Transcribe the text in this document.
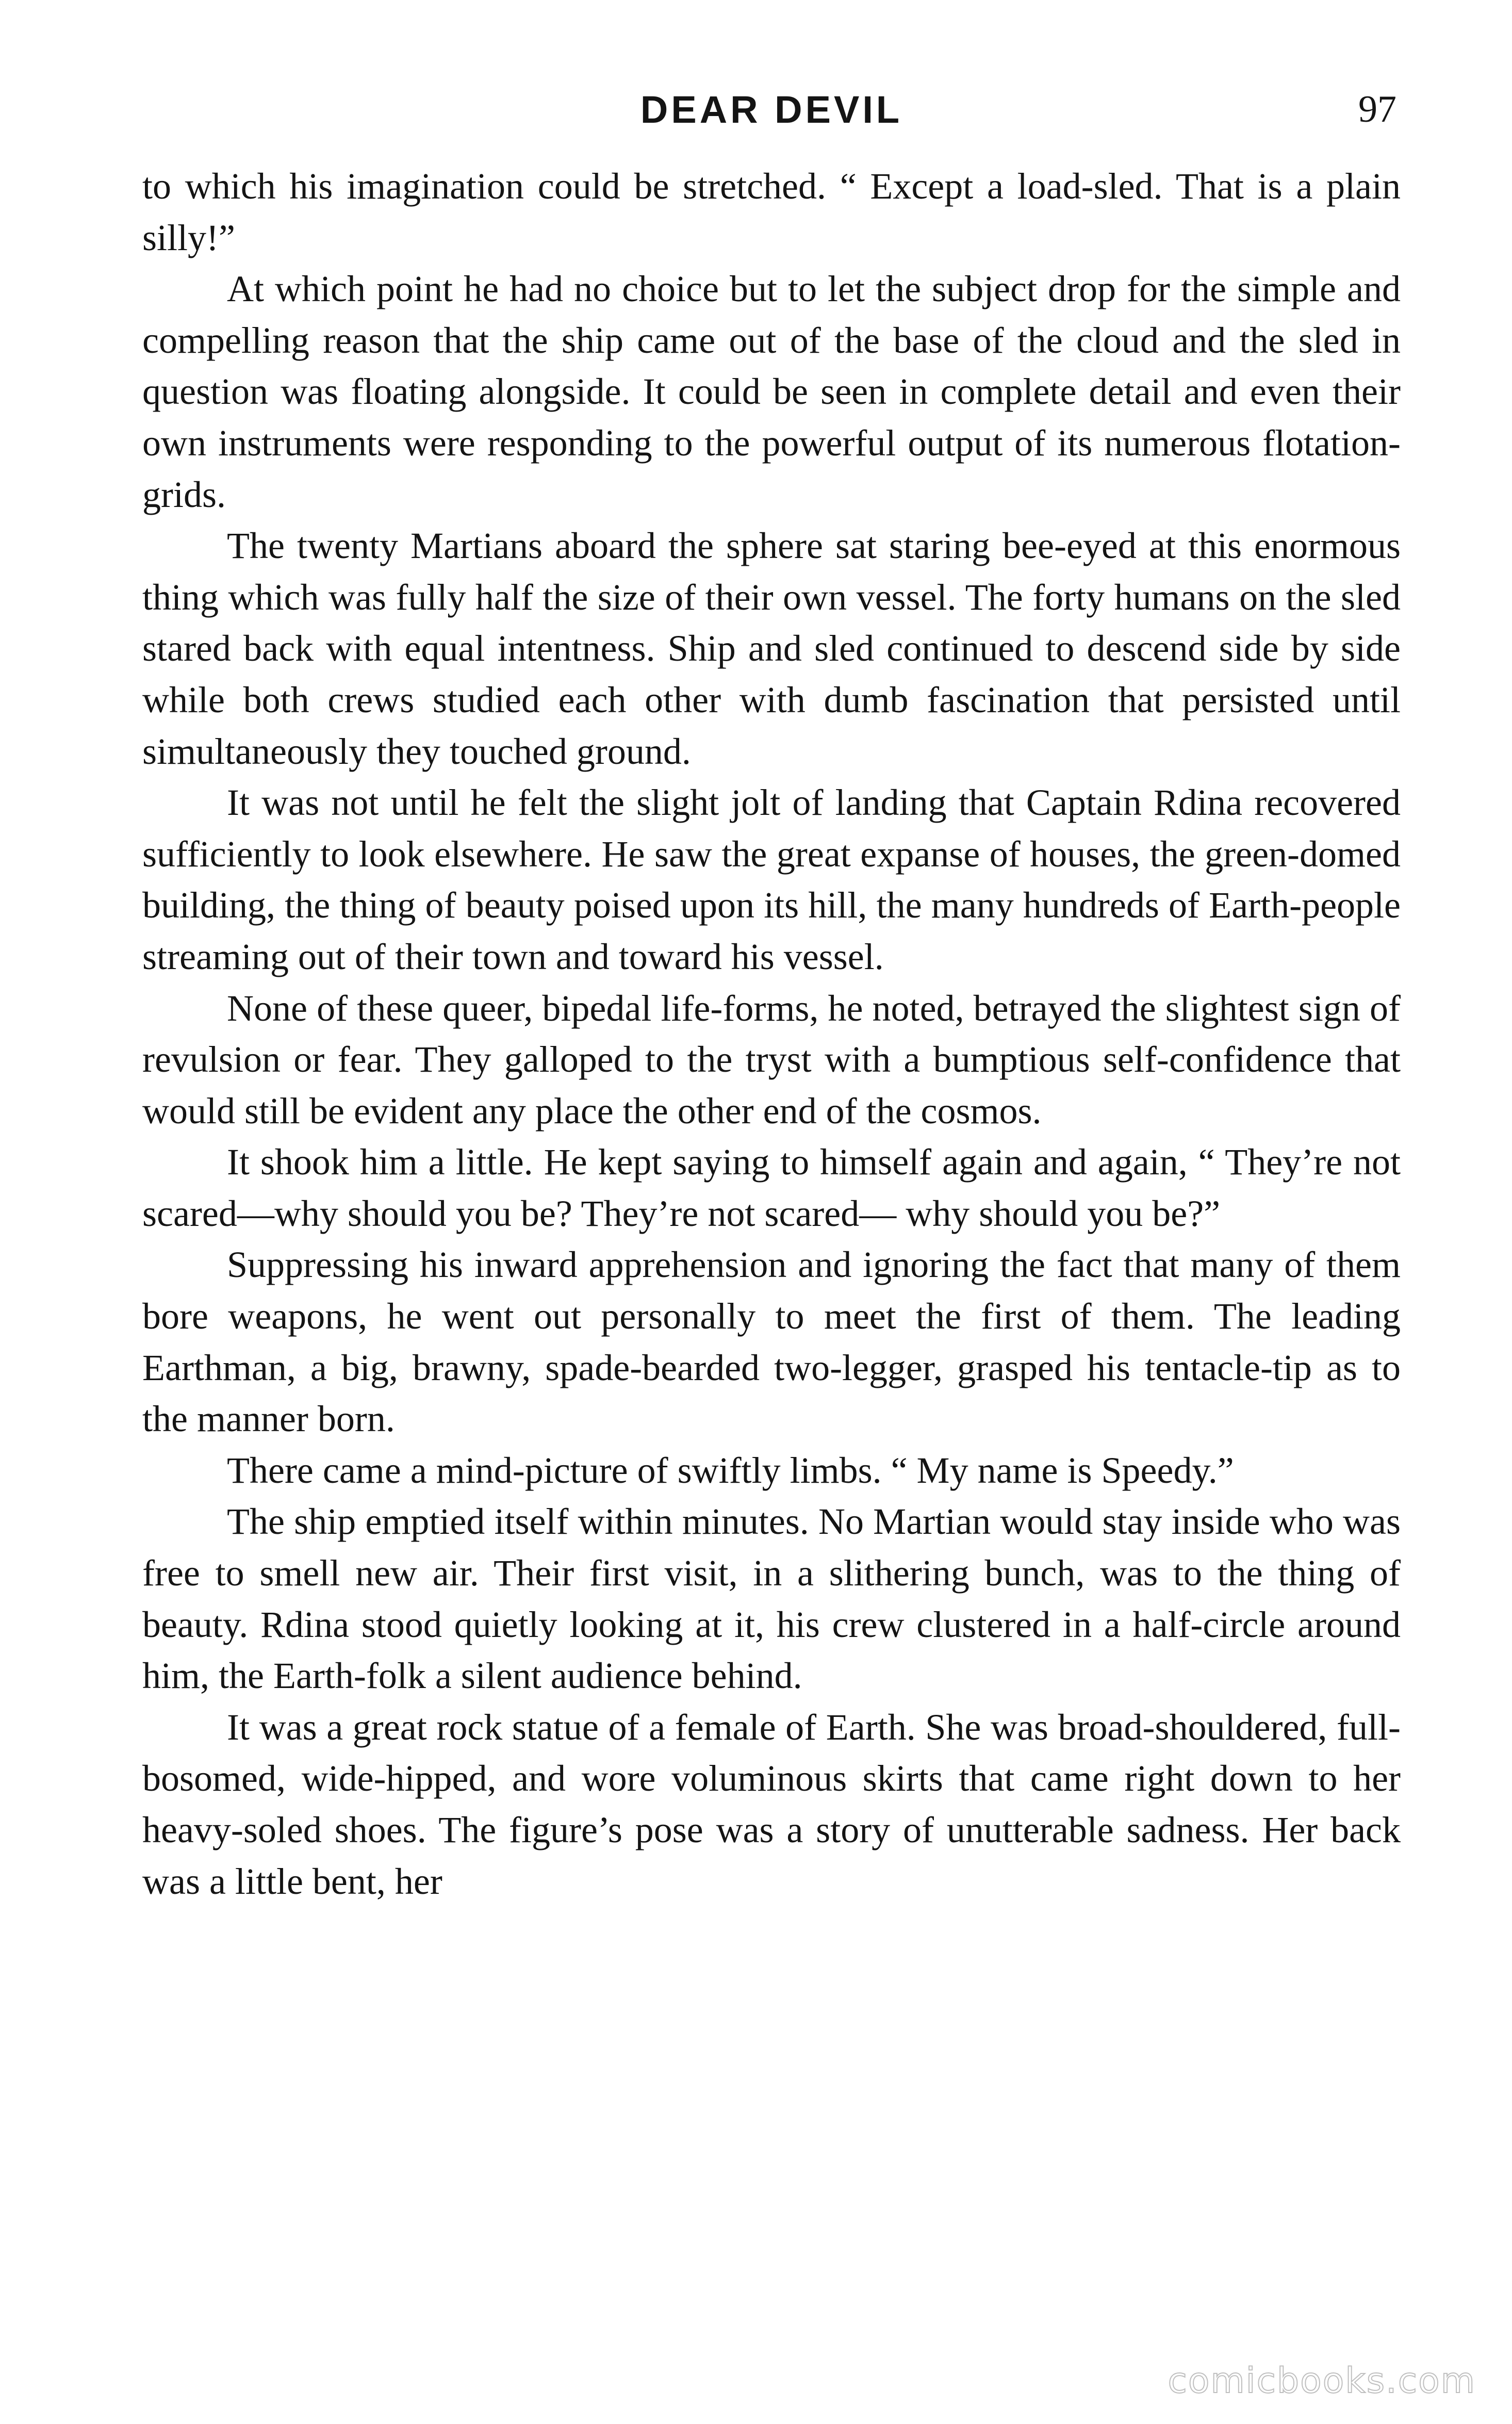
DEAR DEVIL	97

to which his imagination could be stretched. “ Except a load-sled. That is a plain silly!”

At which point he had no choice but to let the subject drop for the simple and compelling reason that the ship came out of the base of the cloud and the sled in question was floating alongside. It could be seen in complete detail and even their own instruments were responding to the powerful output of its numerous flotation-grids.

The twenty Martians aboard the sphere sat staring bee-eyed at this enormous thing which was fully half the size of their own vessel. The forty humans on the sled stared back with equal intentness. Ship and sled continued to descend side by side while both crews studied each other with dumb fascination that persisted until simultaneously they touched ground.

It was not until he felt the slight jolt of landing that Captain Rdina recovered sufficiently to look elsewhere. He saw the great expanse of houses, the green-domed building, the thing of beauty poised upon its hill, the many hundreds of Earth-people streaming out of their town and toward his vessel.

None of these queer, bipedal life-forms, he noted, betrayed the slightest sign of revulsion or fear. They galloped to the tryst with a bumptious self-confidence that would still be evident any place the other end of the cosmos.

It shook him a little. He kept saying to himself again and again, “ They’re not scared—why should you be? They’re not scared— why should you be?”

Suppressing his inward apprehension and ignoring the fact that many of them bore weapons, he went out personally to meet the first of them. The leading Earthman, a big, brawny, spade-bearded two-legger, grasped his tentacle-tip as to the manner born.

There came a mind-picture of swiftly limbs. “ My name is Speedy.”

The ship emptied itself within minutes. No Martian would stay inside who was free to smell new air. Their first visit, in a slithering bunch, was to the thing of beauty. Rdina stood quietly looking at it, his crew clustered in a half-circle around him, the Earth-folk a silent audience behind.

It was a great rock statue of a female of Earth. She was broad-shouldered, full-bosomed, wide-hipped, and wore voluminous skirts that came right down to her heavy-soled shoes. The figure’s pose was a story of unutterable sadness. Her back was a little bent, her

comicbooks.com
